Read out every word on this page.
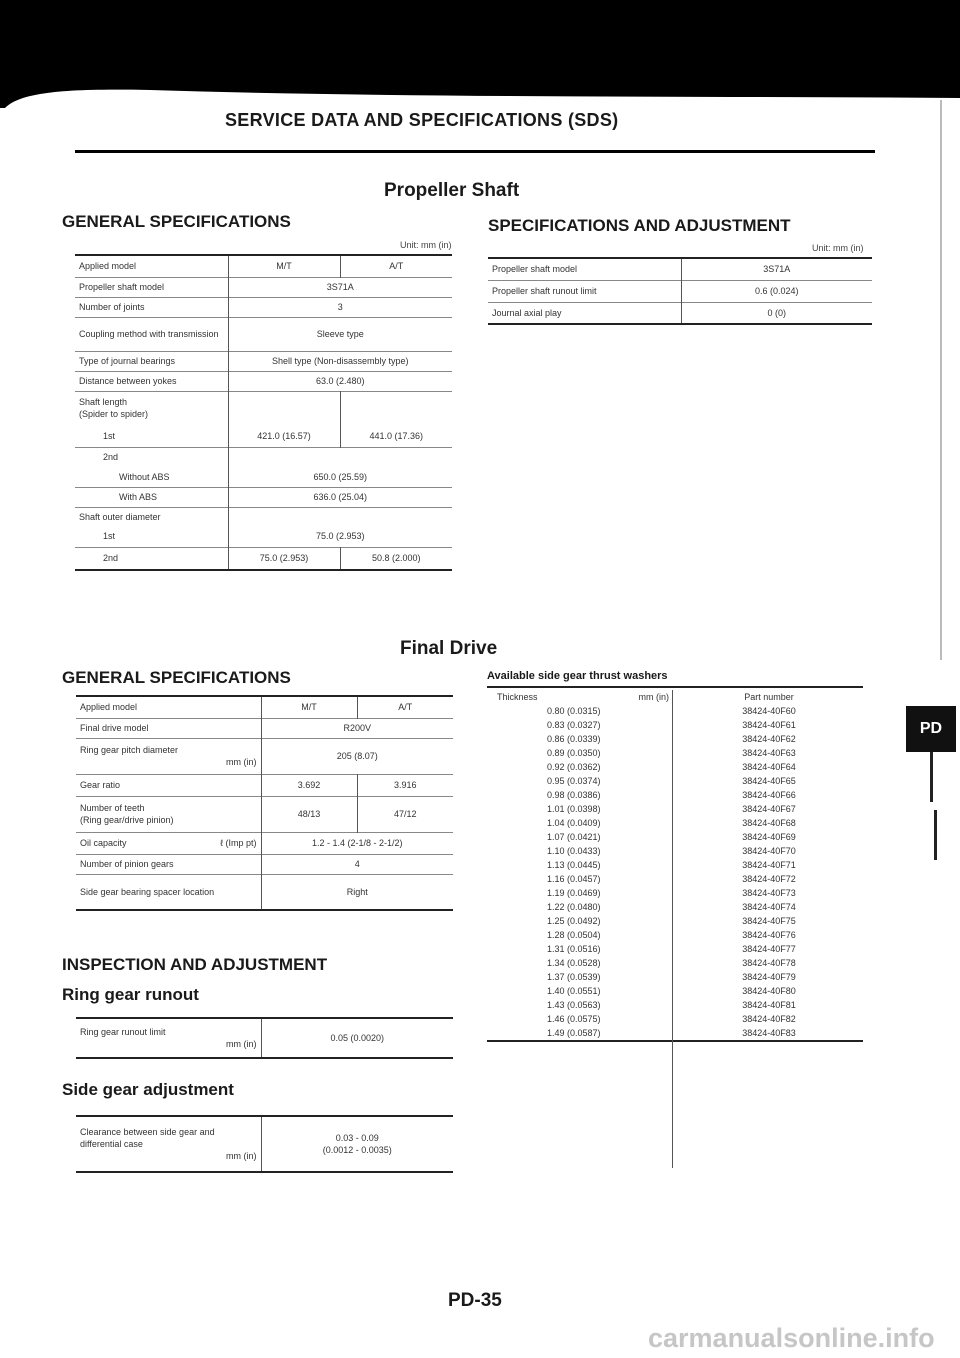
SERVICE DATA AND SPECIFICATIONS (SDS)
Propeller Shaft
GENERAL SPECIFICATIONS
Unit: mm (in)
Applied model	M/T	A/T
Propeller shaft model	3S71A	
Number of joints	3	
Coupling method with transmission	Sleeve type	
Type of journal bearings	Shell type (Non-disassembly type)	
Distance between yokes	63.0 (2.480)	
Shaft length
(Spider to spider)		
1st	421.0 (16.57)	441.0 (17.36)
2nd		
Without ABS	650.0 (25.59)	
With ABS	636.0 (25.04)	
Shaft outer diameter		
1st	75.0 (2.953)	
2nd	75.0 (2.953)	50.8 (2.000)
SPECIFICATIONS AND ADJUSTMENT
Unit: mm (in)
Propeller shaft model	3S71A
Propeller shaft runout limit	0.6 (0.024)
Journal axial play	0 (0)
Final Drive
GENERAL SPECIFICATIONS
Applied model	M/T	A/T
Final drive model	R200V	
Ring gear pitch diameter
mm (in)	205 (8.07)	
Gear ratio	3.692	3.916
Number of teeth
(Ring gear/drive pinion)	48/13	47/12
Oil capacity ℓ (Imp pt)	1.2 - 1.4 (2-1/8 - 2-1/2)	
Number of pinion gears	4	
Side gear bearing spacer location	Right	
INSPECTION AND ADJUSTMENT
Ring gear runout
Ring gear runout limit
mm (in)
	0.05 (0.0020)
Side gear adjustment
Clearance between side gear and differential case
mm (in)
	0.03 - 0.09
(0.0012 - 0.0035)
Available side gear thrust washers
Thickness	mm (in)	Part number
0.80 (0.0315)	38424-40F60
0.83 (0.0327)	38424-40F61
0.86 (0.0339)	38424-40F62
0.89 (0.0350)	38424-40F63
0.92 (0.0362)	38424-40F64
0.95 (0.0374)	38424-40F65
0.98 (0.0386)	38424-40F66
1.01 (0.0398)	38424-40F67
1.04 (0.0409)	38424-40F68
1.07 (0.0421)	38424-40F69
1.10 (0.0433)	38424-40F70
1.13 (0.0445)	38424-40F71
1.16 (0.0457)	38424-40F72
1.19 (0.0469)	38424-40F73
1.22 (0.0480)	38424-40F74
1.25 (0.0492)	38424-40F75
1.28 (0.0504)	38424-40F76
1.31 (0.0516)	38424-40F77
1.34 (0.0528)	38424-40F78
1.37 (0.0539)	38424-40F79
1.40 (0.0551)	38424-40F80
1.43 (0.0563)	38424-40F81
1.46 (0.0575)	38424-40F82
1.49 (0.0587)	38424-40F83
PD
PD-35
carmanualsonline.info
